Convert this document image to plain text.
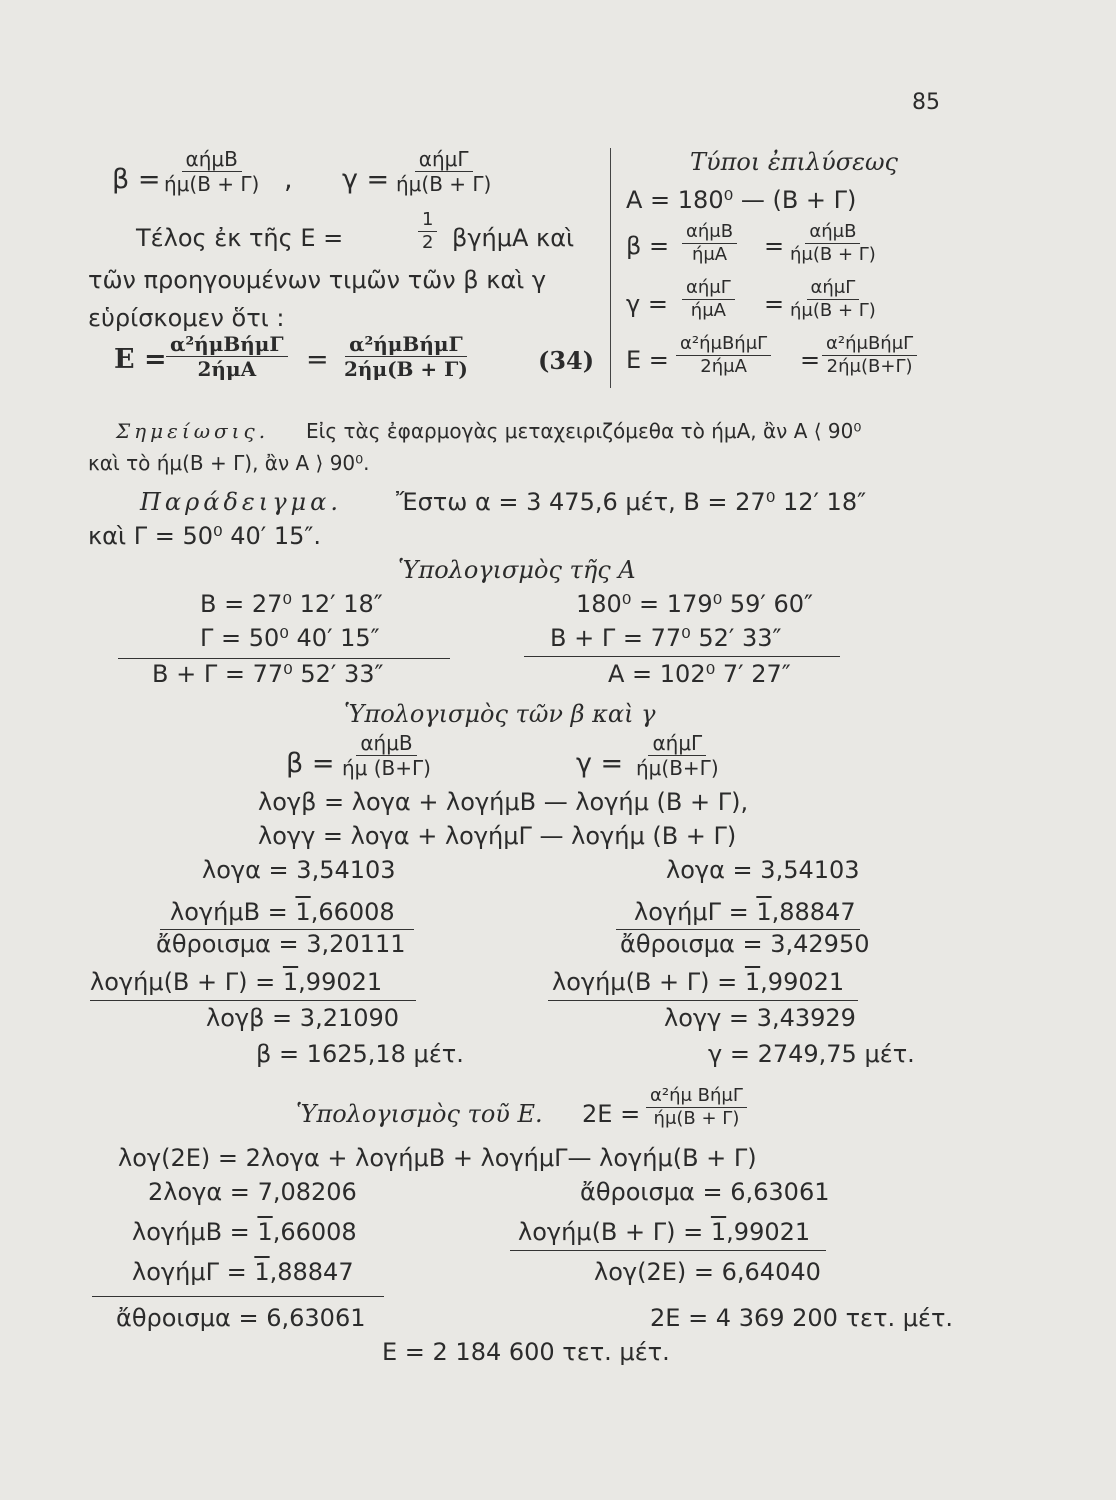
85
β =
αήμΒ
ήμ(Β + Γ) , γ =
αήμΓ
ήμ(Β + Γ)
Τέλος ἐκ τῆς Ε =	$\frac{1}{2}$ βγήμΑ καὶ
τῶν προηγουμένων τιμῶν τῶν β καὶ γ
εὑρίσκομεν ὅτι :
Ε = α²ήμΒήμΓ
2ήμΑ = α²ήμΒήμΓ
2ήμ(Β + Γ)	(34)
Τύποι ἐπιλύσεως
Α = 180⁰ — (Β + Γ)
β =
αήμΒ
ήμΑ =
αήμΒ
ήμ(Β + Γ)
γ =
αήμΓ
ήμΑ =
αήμΓ
ήμ(Β + Γ)
Ε =
α²ήμΒήμΓ
2ήμΑ =
α²ήμΒήμΓ
2ήμ(Β+Γ)
Σημείωσις. Εἰς τὰς ἐφαρμογὰς μεταχειριζόμεθα τὸ ήμΑ, ἂν Α ⟨ 90⁰
καὶ τὸ ήμ(Β + Γ), ἂν Α ⟩ 90⁰.
Παράδειγμα. Ἔστω α = 3 475,6 μέτ, Β = 27⁰ 12′ 18″
καὶ Γ = 50⁰ 40′ 15″.
Ὑπολογισμὸς τῆς Α
Β = 27⁰ 12′ 18″
Γ = 50⁰ 40′ 15″
Β + Γ = 77⁰ 52′ 33″
180⁰ = 179⁰ 59′ 60″
Β + Γ = 77⁰ 52′ 33″
Α = 102⁰ 7′ 27″
Ὑπολογισμὸς τῶν β καὶ γ
β =
αήμΒ
ήμ (Β+Γ)	γ =
αήμΓ
ήμ(Β+Γ)
λογβ = λογα + λογήμΒ — λογήμ (Β + Γ),
λογγ = λογα + λογήμΓ — λογήμ (Β + Γ)
λογα = 3,54103
λογήμΒ = 1,66008
ἄθροισμα = 3,20111
λογήμ(Β + Γ) = 1,99021
λογβ = 3,21090
β = 1625,18 μέτ.
λογα = 3,54103
λογήμΓ = 1,88847
ἄθροισμα = 3,42950
λογήμ(Β + Γ) = 1,99021
λογγ = 3,43929
γ = 2749,75 μέτ.
Ὑπολογισμὸς τοῦ Ε. 2Ε =
α²ήμ ΒήμΓ
ήμ(Β + Γ)
λογ(2Ε) = 2λογα + λογήμΒ + λογήμΓ— λογήμ(Β + Γ)
2λογα = 7,08206
λογήμΒ = 1,66008
λογήμΓ = 1,88847
ἄθροισμα = 6,63061
ἄθροισμα = 6,63061
λογήμ(Β + Γ) = 1,99021
λογ(2Ε) = 6,64040
2Ε = 4 369 200 τετ. μέτ.
Ε = 2 184 600 τετ. μέτ.
